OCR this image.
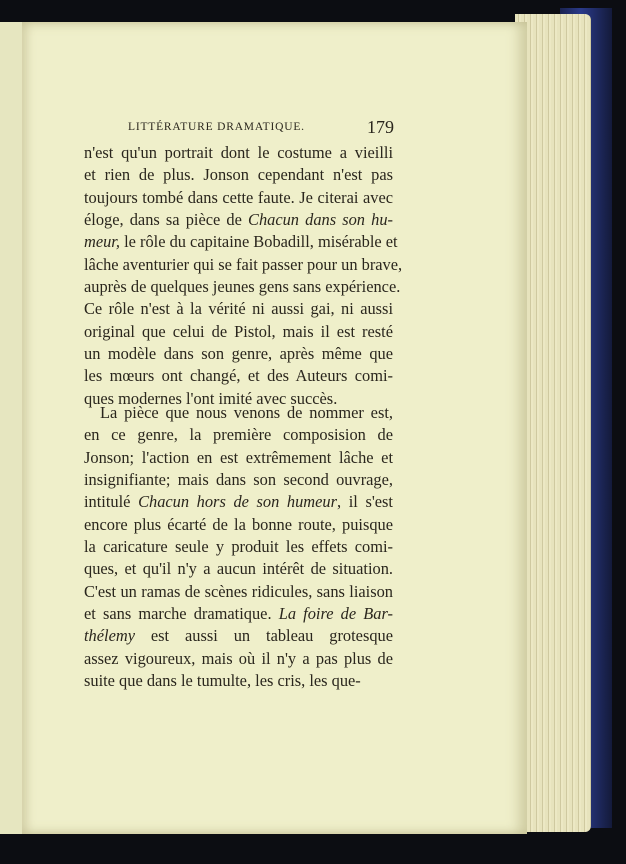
LITTÉRATURE DRAMATIQUE.	179
n'est qu'un portrait dont le costume a vieilli
et rien de plus. Jonson cependant n'est pas
toujours tombé dans cette faute. Je citerai avec
éloge, dans sa pièce de Chacun dans son hu-
meur, le rôle du capitaine Bobadill, misérable et
lâche aventurier qui se fait passer pour un brave,
auprès de quelques jeunes gens sans expérience.
Ce rôle n'est à la vérité ni aussi gai, ni aussi
original que celui de Pistol, mais il est resté
un modèle dans son genre, après même que
les mœurs ont changé, et des Auteurs comi-
ques modernes l'ont imité avec succès.
La pièce que nous venons de nommer est,
en ce genre, la première composision de
Jonson; l'action en est extrêmement lâche et
insignifiante; mais dans son second ouvrage,
intitulé Chacun hors de son humeur, il s'est
encore plus écarté de la bonne route, puisque
la caricature seule y produit les effets comi-
ques, et qu'il n'y a aucun intérêt de situation.
C'est un ramas de scènes ridicules, sans liaison
et sans marche dramatique. La foire de Bar-
thélemy est aussi un tableau grotesque
assez vigoureux, mais où il n'y a pas plus de
suite que dans le tumulte, les cris, les que-
